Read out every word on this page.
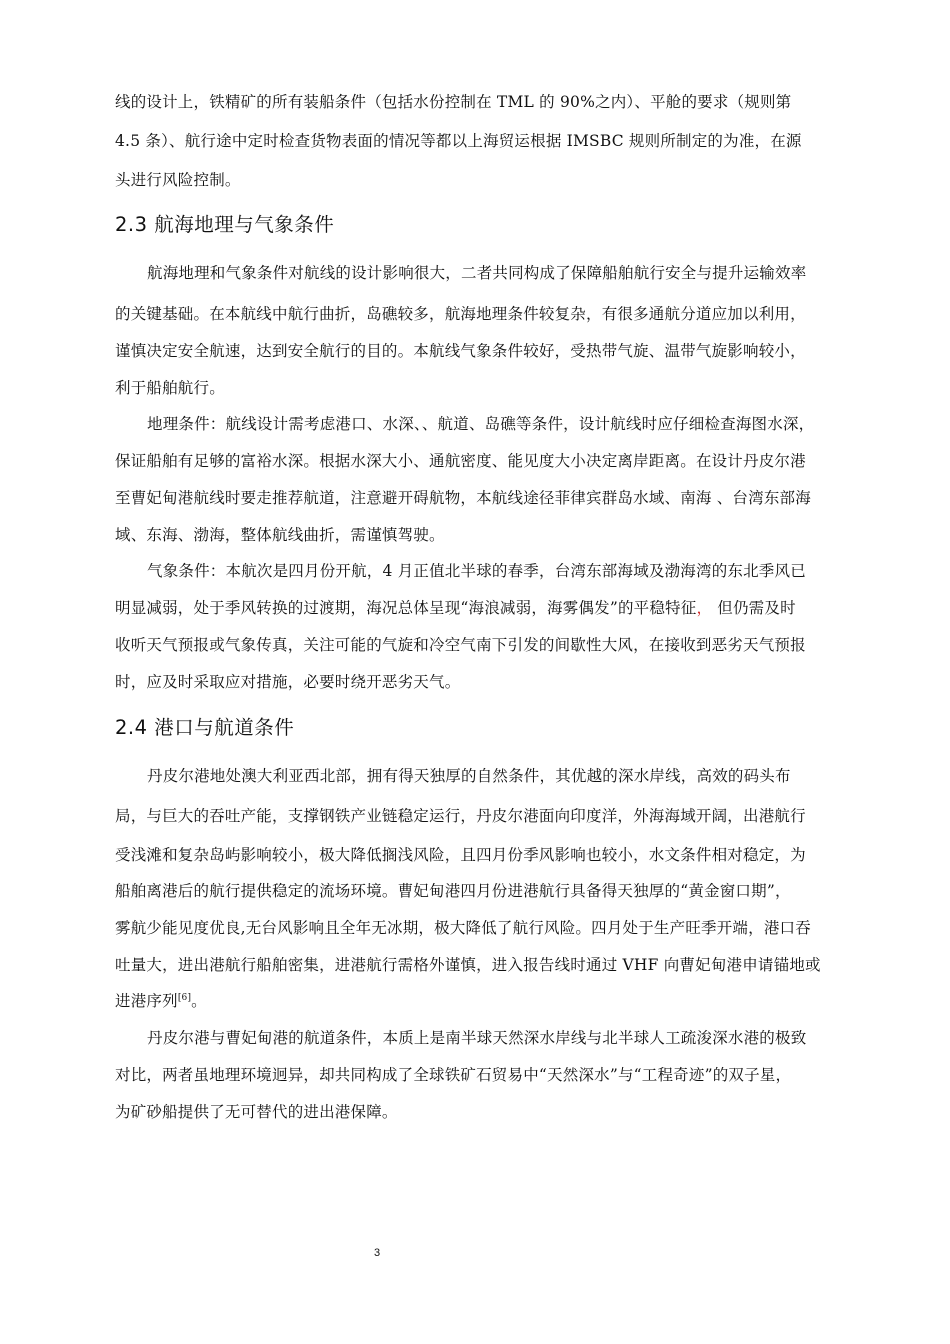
线的设计上，铁精矿的所有装船条件（包括水份控制在 TML 的 90%之内）、平舱的要求（规则第
4.5 条）、航行途中定时检查货物表面的情况等都以上海贸运根据 IMSBC 规则所制定的为准，在源
头进行风险控制。
2.3 航海地理与气象条件
航海地理和气象条件对航线的设计影响很大，二者共同构成了保障船舶航行安全与提升运输效率
的关键基础。在本航线中航行曲折，岛礁较多，航海地理条件较复杂，有很多通航分道应加以利用，
谨慎决定安全航速，达到安全航行的目的。本航线气象条件较好，受热带气旋、温带气旋影响较小，
利于船舶航行。
地理条件：航线设计需考虑港口、水深、、航道、岛礁等条件，设计航线时应仔细检查海图水深，
保证船舶有足够的富裕水深。根据水深大小、通航密度、能见度大小决定离岸距离。在设计丹皮尔港
至曹妃甸港航线时要走推荐航道，注意避开碍航物，本航线途径菲律宾群岛水域、南海 、台湾东部海
域、东海、渤海，整体航线曲折，需谨慎驾驶。
气象条件：本航次是四月份开航，4 月正值北半球的春季，台湾东部海域及渤海湾的东北季风已
明显减弱，处于季风转换的过渡期，海况总体呈现“海浪减弱，海雾偶发”的平稳特征， 但仍需及时
收听天气预报或气象传真，关注可能的气旋和冷空气南下引发的间歇性大风，在接收到恶劣天气预报
时，应及时采取应对措施，必要时绕开恶劣天气。
2.4 港口与航道条件
丹皮尔港地处澳大利亚西北部，拥有得天独厚的自然条件，其优越的深水岸线，高效的码头布
局，与巨大的吞吐产能，支撑钢铁产业链稳定运行，丹皮尔港面向印度洋，外海海域开阔，出港航行
受浅滩和复杂岛屿影响较小，极大降低搁浅风险，且四月份季风影响也较小，水文条件相对稳定，为
船舶离港后的航行提供稳定的流场环境。曹妃甸港四月份进港航行具备得天独厚的“黄金窗口期”，
雾航少能见度优良,无台风影响且全年无冰期，极大降低了航行风险。四月处于生产旺季开端，港口吞
吐量大，进出港航行船舶密集，进港航行需格外谨慎，进入报告线时通过 VHF 向曹妃甸港申请锚地或
进港序列[6]。
丹皮尔港与曹妃甸港的航道条件，本质上是南半球天然深水岸线与北半球人工疏浚深水港的极致
对比，两者虽地理环境迥异，却共同构成了全球铁矿石贸易中“天然深水”与“工程奇迹”的双子星，
为矿砂船提供了无可替代的进出港保障。
3
